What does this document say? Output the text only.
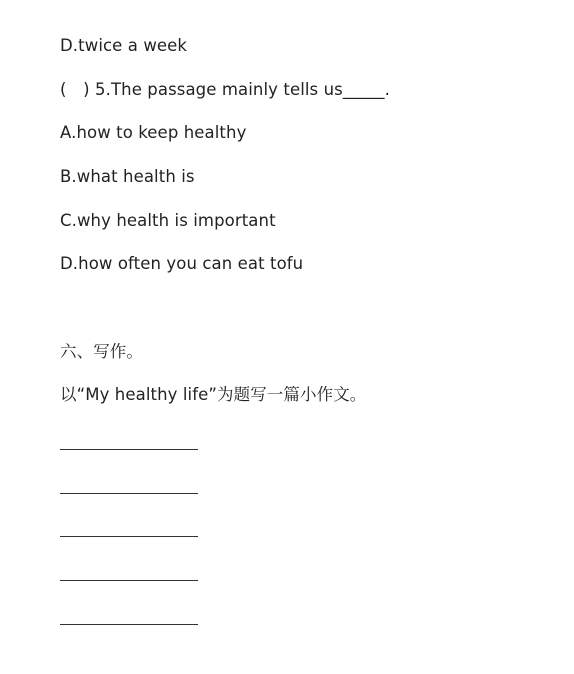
D.twice a week
(　) 5.The passage mainly tells us_____.
A.how to keep healthy
B.what health is
C.why health is important
D.how often you can eat tofu
六、写作。
以“My healthy life”为题写一篇小作文。
